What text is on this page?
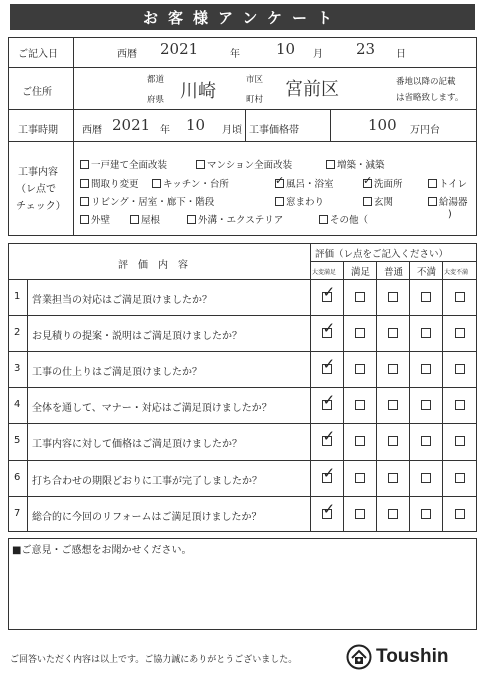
お客様アンケート
ご記入日	西暦 2021	年 10 月 23 日
ご住所
都道
府県 川崎
市区
町村 宮前区	番地以降の記載
は省略致します。
工事時期 西暦 2021 年 10 月頃 工事価格帯	100 万円台
工事内容
（レ点で
チェック）
一戸建て全面改装	マンション全面改装	増築・減築
間取り変更	キッチン・台所	✓ 風呂・浴室	✓ 洗面所	トイレ
リビング・居室・廊下・階段	窓まわり	玄関	給湯器
外壁	屋根	外溝・エクステリア	その他（
)
評価内容
評価（レ点をご記入ください）
大変満足 満足 普通 不満 大変不満
1 営業担当の対応はご満足頂けましたか？	✓
2 お見積りの提案・説明はご満足頂けましたか？	✓
3 工事の仕上りはご満足頂けましたか？	✓
4 全体を通して、マナー・対応はご満足頂けましたか？	✓
5 工事内容に対して価格はご満足頂けましたか？	✓
6 打ち合わせの期限どおりに工事が完了しましたか？	✓
7 総合的に今回のリフォームはご満足頂けましたか？	✓
■ご意見・ご感想をお聞かせください。
ご回答いただく内容は以上です。ご協力誠にありがとうございました。	Toushin
